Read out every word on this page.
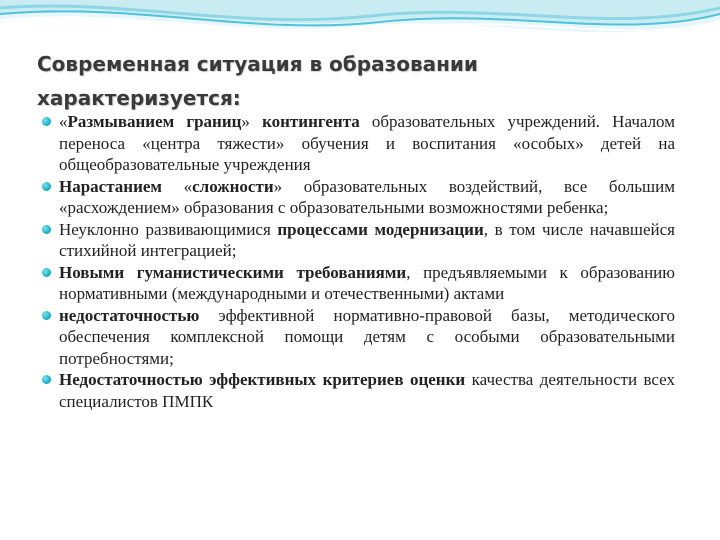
Современная ситуация в образовании характеризуется:
«Размыванием границ» контингента образовательных учреждений. Началом переноса «центра тяжести» обучения и воспитания «особых» детей на общеобразовательные учреждения
Нарастанием «сложности» образовательных воздействий, все большим «расхождением» образования с образовательными возможностями ребенка;
Неуклонно развивающимися процессами модернизации, в том числе начавшейся стихийной интеграцией;
Новыми гуманистическими требованиями, предъявляемыми к образованию нормативными (международными и отечественными) актами
недостаточностью эффективной нормативно-правовой базы, методического обеспечения комплексной помощи детям с особыми образовательными потребностями;
Недостаточностью эффективных критериев оценки качества деятельности всех специалистов ПМПК
